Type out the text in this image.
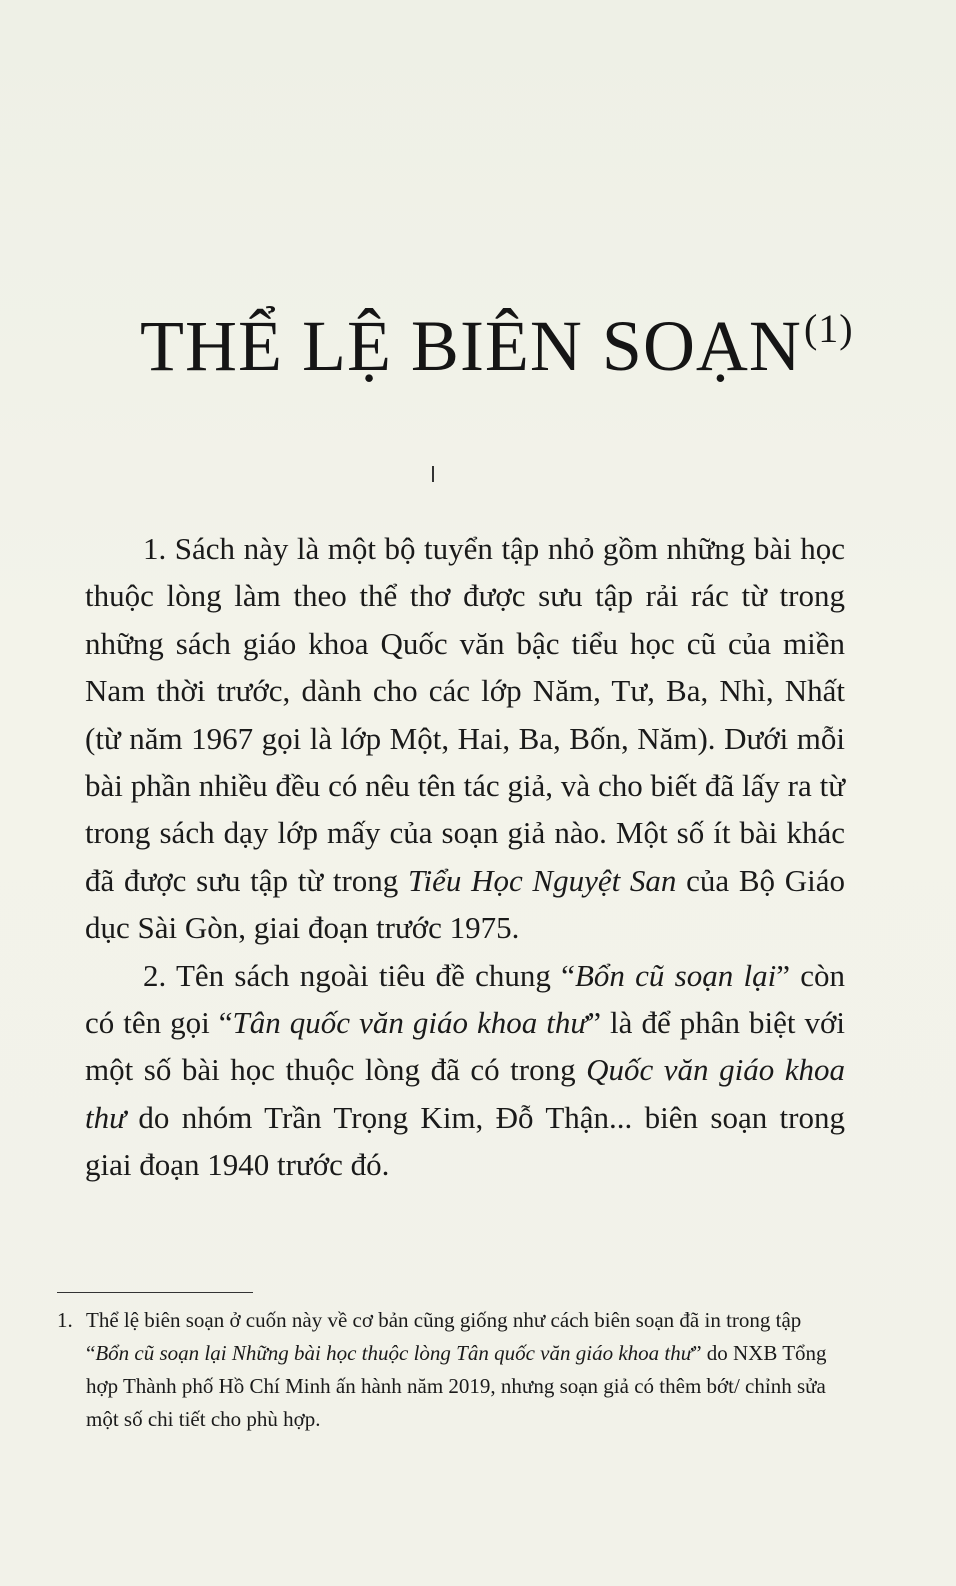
THỂ LỆ BIÊN SOẠN$^{(1)}$

1. Sách này là một bộ tuyển tập nhỏ gồm những bài học thuộc lòng làm theo thể thơ được sưu tập rải rác từ trong những sách giáo khoa Quốc văn bậc tiểu học cũ của miền Nam thời trước, dành cho các lớp Năm, Tư, Ba, Nhì, Nhất (từ năm 1967 gọi là lớp Một, Hai, Ba, Bốn, Năm). Dưới mỗi bài phần nhiều đều có nêu tên tác giả, và cho biết đã lấy ra từ trong sách dạy lớp mấy của soạn giả nào. Một số ít bài khác đã được sưu tập từ trong Tiểu Học Nguyệt San của Bộ Giáo dục Sài Gòn, giai đoạn trước 1975.

2. Tên sách ngoài tiêu đề chung “Bổn cũ soạn lại” còn có tên gọi “Tân quốc văn giáo khoa thư” là để phân biệt với một số bài học thuộc lòng đã có trong Quốc văn giáo khoa thư do nhóm Trần Trọng Kim, Đỗ Thận... biên soạn trong giai đoạn 1940 trước đó.

1. Thể lệ biên soạn ở cuốn này về cơ bản cũng giống như cách biên soạn đã in trong tập “Bổn cũ soạn lại Những bài học thuộc lòng Tân quốc văn giáo khoa thư” do NXB Tổng hợp Thành phố Hồ Chí Minh ấn hành năm 2019, nhưng soạn giả có thêm bớt/ chỉnh sửa một số chi tiết cho phù hợp.
